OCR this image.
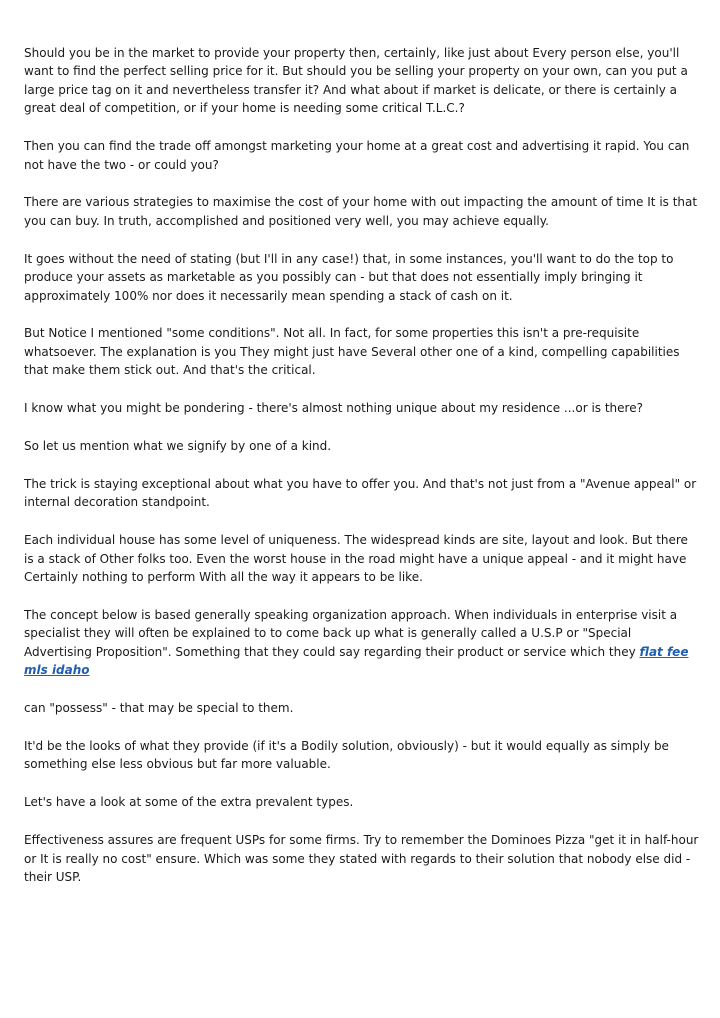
Should you be in the market to provide your property then, certainly, like just about Every person else, you'll want to find the perfect selling price for it. But should you be selling your property on your own, can you put a large price tag on it and nevertheless transfer it? And what about if market is delicate, or there is certainly a great deal of competition, or if your home is needing some critical T.L.C.?

Then you can find the trade off amongst marketing your home at a great cost and advertising it rapid. You can not have the two - or could you?

There are various strategies to maximise the cost of your home with out impacting the amount of time It is that you can buy. In truth, accomplished and positioned very well, you may achieve equally.

It goes without the need of stating (but I'll in any case!) that, in some instances, you'll want to do the top to produce your assets as marketable as you possibly can - but that does not essentially imply bringing it approximately 100% nor does it necessarily mean spending a stack of cash on it.

But Notice I mentioned "some conditions". Not all. In fact, for some properties this isn't a pre-requisite whatsoever. The explanation is you They might just have Several other one of a kind, compelling capabilities that make them stick out. And that's the critical.

I know what you might be pondering - there's almost nothing unique about my residence ...or is there?

So let us mention what we signify by one of a kind.

The trick is staying exceptional about what you have to offer you. And that's not just from a "Avenue appeal" or internal decoration standpoint.

Each individual house has some level of uniqueness. The widespread kinds are site, layout and look. But there is a stack of Other folks too. Even the worst house in the road might have a unique appeal - and it might have Certainly nothing to perform With all the way it appears to be like.

The concept below is based generally speaking organization approach. When individuals in enterprise visit a specialist they will often be explained to to come back up what is generally called a U.S.P or "Special Advertising Proposition". Something that they could say regarding their product or service which they flat fee mls idaho

can "possess" - that may be special to them.

It'd be the looks of what they provide (if it's a Bodily solution, obviously) - but it would equally as simply be something else less obvious but far more valuable.

Let's have a look at some of the extra prevalent types.

Effectiveness assures are frequent USPs for some firms. Try to remember the Dominoes Pizza "get it in half-hour or It is really no cost" ensure. Which was some they stated with regards to their solution that nobody else did - their USP.
